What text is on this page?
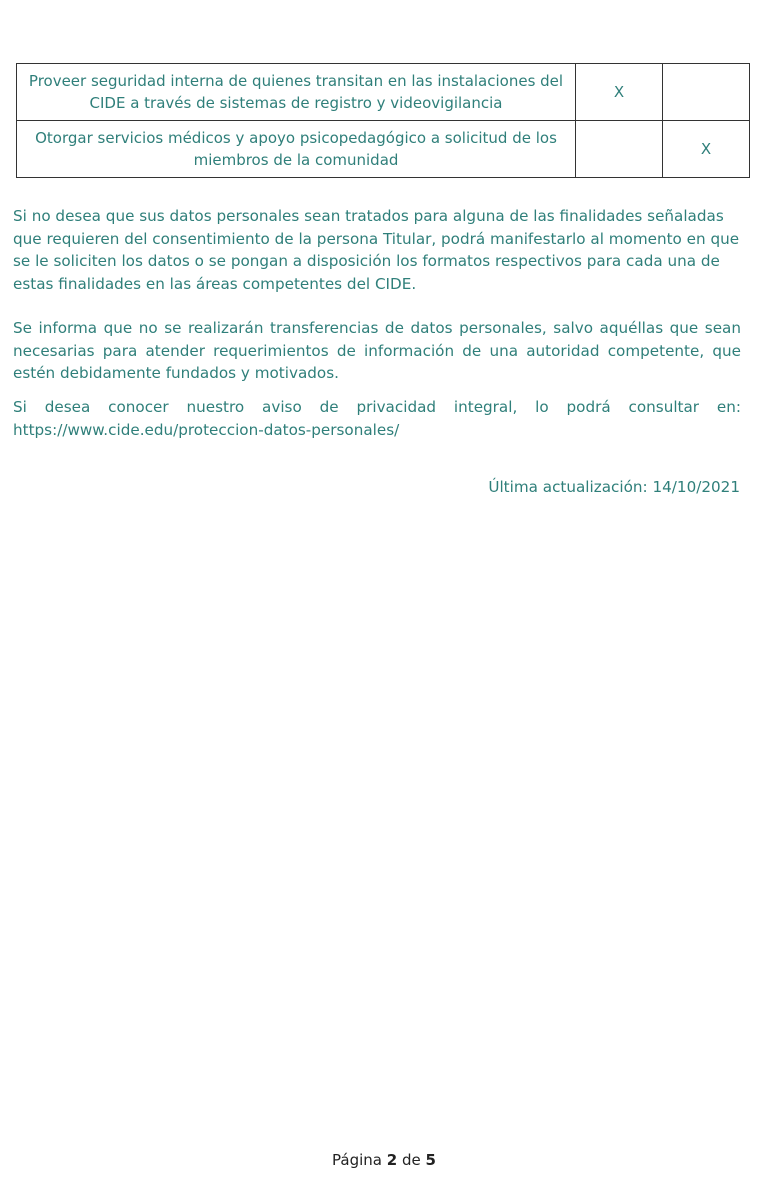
Proveer seguridad interna de quienes transitan en las instalaciones del CIDE a través de sistemas de registro y videovigilancia	X	
Otorgar servicios médicos y apoyo psicopedagógico a solicitud de los miembros de la comunidad		X

Si no desea que sus datos personales sean tratados para alguna de las finalidades señaladas que requieren del consentimiento de la persona Titular, podrá manifestarlo al momento en que se le soliciten los datos o se pongan a disposición los formatos respectivos para cada una de estas finalidades en las áreas competentes del CIDE.

Se informa que no se realizarán transferencias de datos personales, salvo aquéllas que sean necesarias para atender requerimientos de información de una autoridad competente, que estén debidamente fundados y motivados.

Si desea conocer nuestro aviso de privacidad integral, lo podrá consultar en:
https://www.cide.edu/proteccion-datos-personales/
Última actualización: 14/10/2021
Página 2 de 5
